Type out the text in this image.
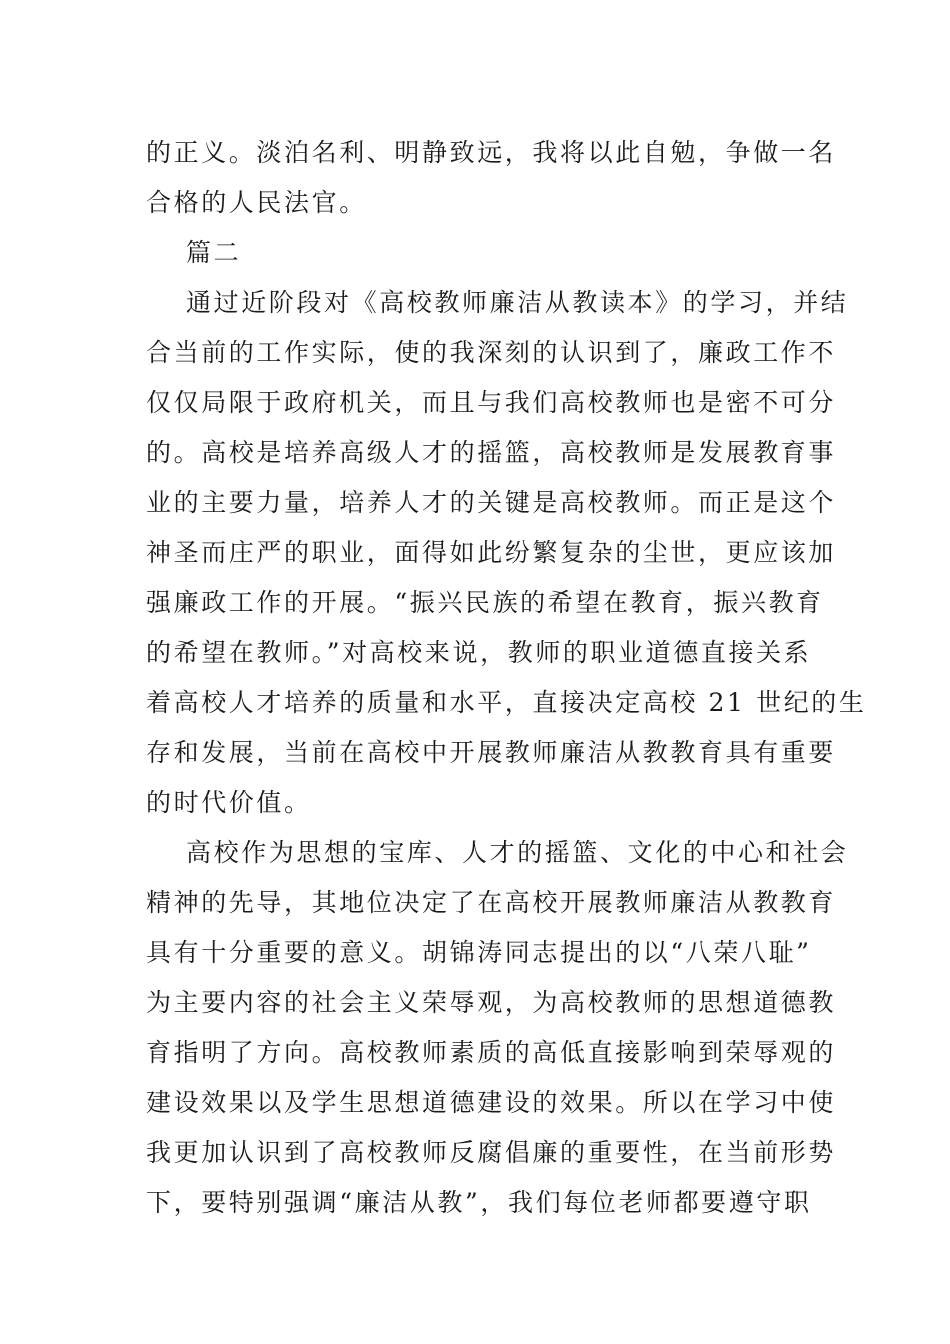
的正义。淡泊名利、明静致远，我将以此自勉，争做一名
合格的人民法官。
篇二
通过近阶段对《高校教师廉洁从教读本》的学习，并结
合当前的工作实际，使的我深刻的认识到了，廉政工作不
仅仅局限于政府机关，而且与我们高校教师也是密不可分
的。高校是培养高级人才的摇篮，高校教师是发展教育事
业的主要力量，培养人才的关键是高校教师。而正是这个
神圣而庄严的职业，面得如此纷繁复杂的尘世，更应该加
强廉政工作的开展。“振兴民族的希望在教育，振兴教育
的希望在教师。”对高校来说，教师的职业道德直接关系
着高校人才培养的质量和水平，直接决定高校 21 世纪的生
存和发展，当前在高校中开展教师廉洁从教教育具有重要
的时代价值。
高校作为思想的宝库、人才的摇篮、文化的中心和社会
精神的先导，其地位决定了在高校开展教师廉洁从教教育
具有十分重要的意义。胡锦涛同志提出的以“八荣八耻”
为主要内容的社会主义荣辱观，为高校教师的思想道德教
育指明了方向。高校教师素质的高低直接影响到荣辱观的
建设效果以及学生思想道德建设的效果。所以在学习中使
我更加认识到了高校教师反腐倡廉的重要性，在当前形势
下，要特别强调“廉洁从教”，我们每位老师都要遵守职
